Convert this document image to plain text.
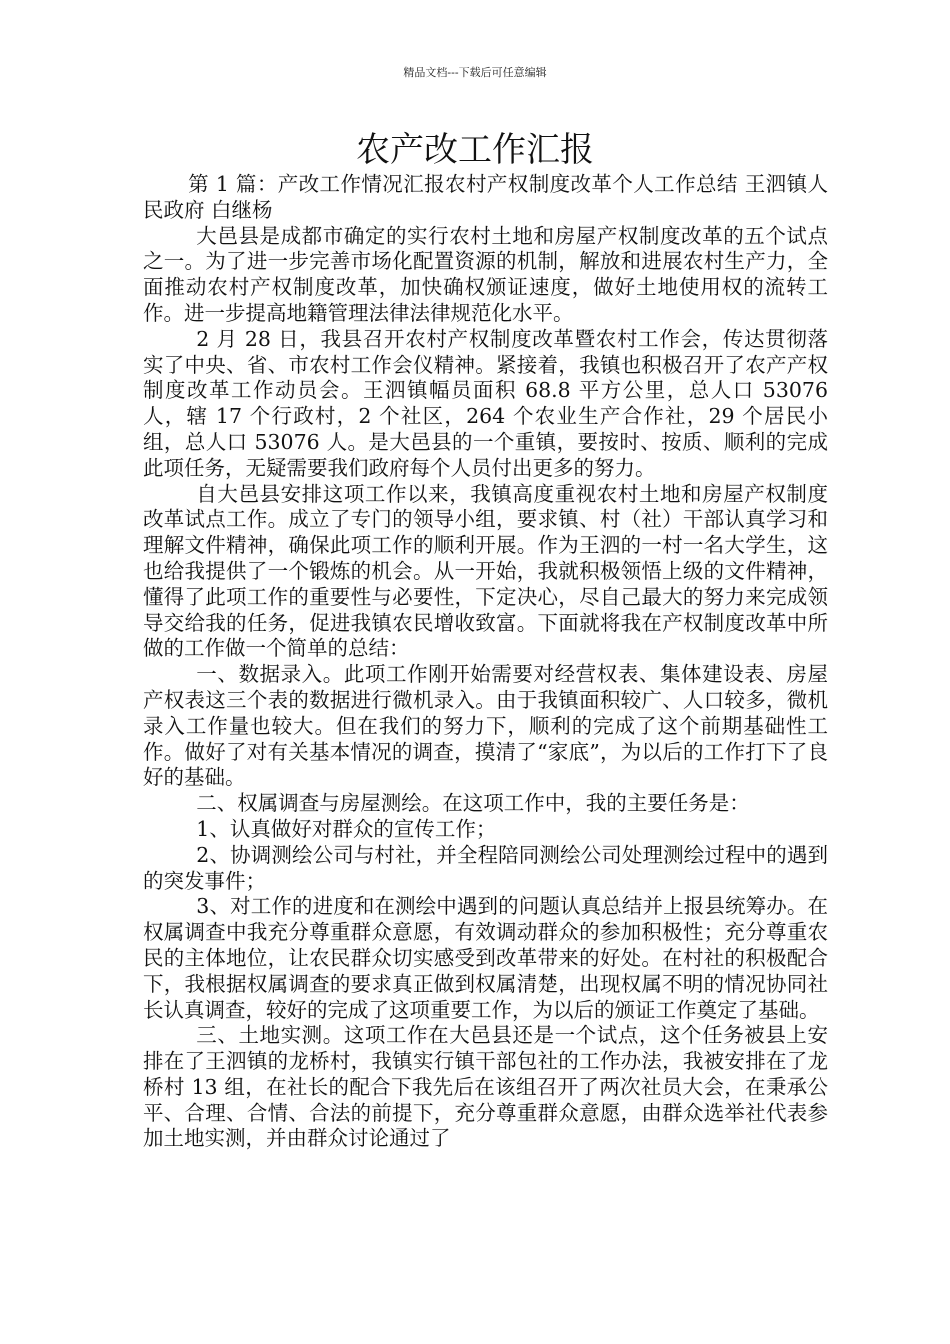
精品文档---下载后可任意编辑
农产改工作汇报

第 1 篇：产改工作情况汇报农村产权制度改革个人工作总结 王泗镇人民政府 白继杨

大邑县是成都市确定的实行农村土地和房屋产权制度改革的五个试点之一。为了进一步完善市场化配置资源的机制，解放和进展农村生产力，全面推动农村产权制度改革，加快确权颁证速度，做好土地使用权的流转工作。进一步提高地籍管理法律法律规范化水平。

2 月 28 日，我县召开农村产权制度改革暨农村工作会，传达贯彻落实了中央、省、市农村工作会仪精神。紧接着，我镇也积极召开了农产产权制度改革工作动员会。王泗镇幅员面积 68.8 平方公里，总人口 53076 人，辖 17 个行政村，2 个社区，264 个农业生产合作社，29 个居民小组，总人口 53076 人。是大邑县的一个重镇，要按时、按质、顺利的完成此项任务，无疑需要我们政府每个人员付出更多的努力。

自大邑县安排这项工作以来，我镇高度重视农村土地和房屋产权制度改革试点工作。成立了专门的领导小组，要求镇、村（社）干部认真学习和理解文件精神，确保此项工作的顺利开展。作为王泗的一村一名大学生，这也给我提供了一个锻炼的机会。从一开始，我就积极领悟上级的文件精神，懂得了此项工作的重要性与必要性，下定决心，尽自己最大的努力来完成领导交给我的任务，促进我镇农民增收致富。下面就将我在产权制度改革中所做的工作做一个简单的总结：

一、数据录入。此项工作刚开始需要对经营权表、集体建设表、房屋产权表这三个表的数据进行微机录入。由于我镇面积较广、人口较多，微机录入工作量也较大。但在我们的努力下，顺利的完成了这个前期基础性工作。做好了对有关基本情况的调查，摸清了“家底”，为以后的工作打下了良好的基础。

二、权属调查与房屋测绘。在这项工作中，我的主要任务是：

1、认真做好对群众的宣传工作；

2、协调测绘公司与村社，并全程陪同测绘公司处理测绘过程中的遇到的突发事件；

3、对工作的进度和在测绘中遇到的问题认真总结并上报县统筹办。在权属调查中我充分尊重群众意愿，有效调动群众的参加积极性；充分尊重农民的主体地位，让农民群众切实感受到改革带来的好处。在村社的积极配合下，我根据权属调查的要求真正做到权属清楚，出现权属不明的情况协同社长认真调查，较好的完成了这项重要工作，为以后的颁证工作奠定了基础。

三、土地实测。这项工作在大邑县还是一个试点，这个任务被县上安排在了王泗镇的龙桥村，我镇实行镇干部包社的工作办法，我被安排在了龙桥村 13 组，在社长的配合下我先后在该组召开了两次社员大会，在秉承公平、合理、合情、合法的前提下，充分尊重群众意愿，由群众选举社代表参加土地实测，并由群众讨论通过了
